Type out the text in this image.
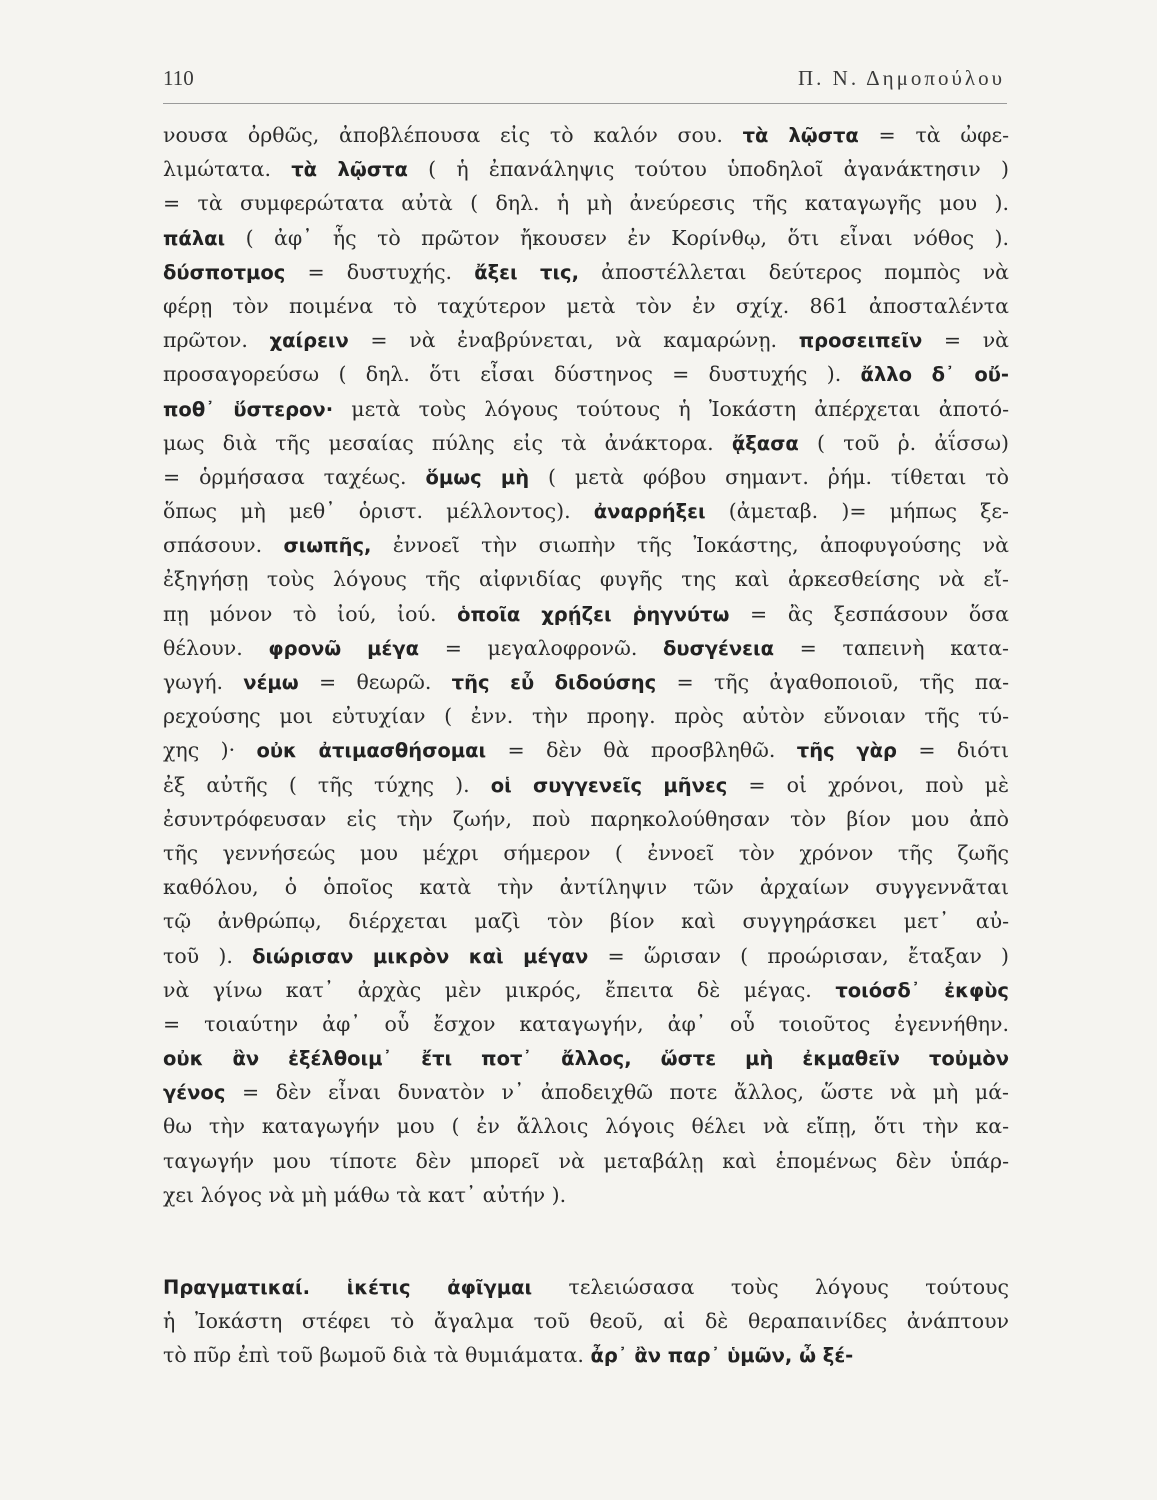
110	Π. Ν. Δημοπούλου
νουσα ὀρθῶς, ἀποβλέπουσα εἰς τὸ καλόν σου. τὰ λῷστα = τὰ ὠφε-
λιμώτατα. τὰ λῷστα ( ἡ ἐπανάληψις τούτου ὑποδηλοῖ ἀγανάκτησιν )
= τὰ συμφερώτατα αὐτὰ ( δηλ. ἡ μὴ ἀνεύρεσις τῆς καταγωγῆς μου ).
πάλαι ( ἀφ᾽ ἧς τὸ πρῶτον ἤκουσεν ἐν Κορίνθῳ, ὅτι εἶναι νόθος ).
δύσποτμος = δυστυχής. ἄξει τις, ἀποστέλλεται δεύτερος πομπὸς νὰ
φέρῃ τὸν ποιμένα τὸ ταχύτερον μετὰ τὸν ἐν σχίχ. 861 ἀποσταλέντα
πρῶτον. χαίρειν = νὰ ἐναβρύνεται, νὰ καμαρώνῃ. προσειπεῖν = νὰ
προσαγορεύσω ( δηλ. ὅτι εἶσαι δύστηνος = δυστυχής ). ἄλλο δ᾽ οὔ-
ποθ᾽ ὕστερον· μετὰ τοὺς λόγους τούτους ἡ Ἰοκάστη ἀπέρχεται ἀποτό-
μως διὰ τῆς μεσαίας πύλης εἰς τὰ ἀνάκτορα. ᾄξασα ( τοῦ ῥ. ἀΐσσω)
= ὁρμήσασα ταχέως. ὅμως μὴ ( μετὰ φόβου σημαντ. ῥήμ. τίθεται τὸ
ὅπως μὴ μεθ᾽ ὁριστ. μέλλοντος). ἀναρρήξει (ἀμεταβ. )= μήπως ξε-
σπάσουν. σιωπῆς, ἐννοεῖ τὴν σιωπὴν τῆς Ἰοκάστης, ἀποφυγούσης νὰ
ἐξηγήσῃ τοὺς λόγους τῆς αἰφνιδίας φυγῆς της καὶ ἀρκεσθείσης νὰ εἴ-
πῃ μόνον τὸ ἰού, ἰού. ὁποῖα χρῄζει ῥηγνύτω = ἂς ξεσπάσουν ὅσα
θέλουν. φρονῶ μέγα = μεγαλοφρονῶ. δυσγένεια = ταπεινὴ κατα-
γωγή. νέμω = θεωρῶ. τῆς εὖ διδούσης = τῆς ἀγαθοποιοῦ, τῆς πα-
ρεχούσης μοι εὐτυχίαν ( ἐνν. τὴν προηγ. πρὸς αὐτὸν εὔνοιαν τῆς τύ-
χης )· οὐκ ἀτιμασθήσομαι = δὲν θὰ προσβληθῶ. τῆς γὰρ = διότι
ἐξ αὐτῆς ( τῆς τύχης ). οἱ συγγενεῖς μῆνες = οἱ χρόνοι, ποὺ μὲ
ἐσυντρόφευσαν εἰς τὴν ζωήν, ποὺ παρηκολούθησαν τὸν βίον μου ἀπὸ
τῆς γεννήσεώς μου μέχρι σήμερον ( ἐννοεῖ τὸν χρόνον τῆς ζωῆς
καθόλου, ὁ ὁποῖος κατὰ τὴν ἀντίληψιν τῶν ἀρχαίων συγγεννᾶται
τῷ ἀνθρώπῳ, διέρχεται μαζὶ τὸν βίον καὶ συγγηράσκει μετ᾽ αὐ-
τοῦ ). διώρισαν μικρὸν καὶ μέγαν = ὥρισαν ( προώρισαν, ἔταξαν )
νὰ γίνω κατ᾽ ἀρχὰς μὲν μικρός, ἔπειτα δὲ μέγας. τοιόσδ᾽ ἐκφὺς
= τοιαύτην ἀφ᾽ οὗ ἔσχον καταγωγήν, ἀφ᾽ οὗ τοιοῦτος ἐγεννήθην.
οὐκ ἂν ἐξέλθοιμ᾽ ἔτι ποτ᾽ ἄλλος, ὥστε μὴ ἐκμαθεῖν τοὐμὸν
γένος = δὲν εἶναι δυνατὸν ν᾽ ἀποδειχθῶ ποτε ἄλλος, ὥστε νὰ μὴ μά-
θω τὴν καταγωγήν μου ( ἐν ἄλλοις λόγοις θέλει νὰ εἴπῃ, ὅτι τὴν κα-
ταγωγήν μου τίποτε δὲν μπορεῖ νὰ μεταβάλῃ καὶ ἑπομένως δὲν ὑπάρ-
χει λόγος νὰ μὴ μάθω τὰ κατ᾽ αὐτήν ).
Πραγματικαί. ἱκέτις ἀφῖγμαι τελειώσασα τοὺς λόγους τούτους
ἡ Ἰοκάστη στέφει τὸ ἄγαλμα τοῦ θεοῦ, αἱ δὲ θεραπαινίδες ἀνάπτουν
τὸ πῦρ ἐπὶ τοῦ βωμοῦ διὰ τὰ θυμιάματα. ἆρ᾽ ἂν παρ᾽ ὑμῶν, ὦ ξέ-
